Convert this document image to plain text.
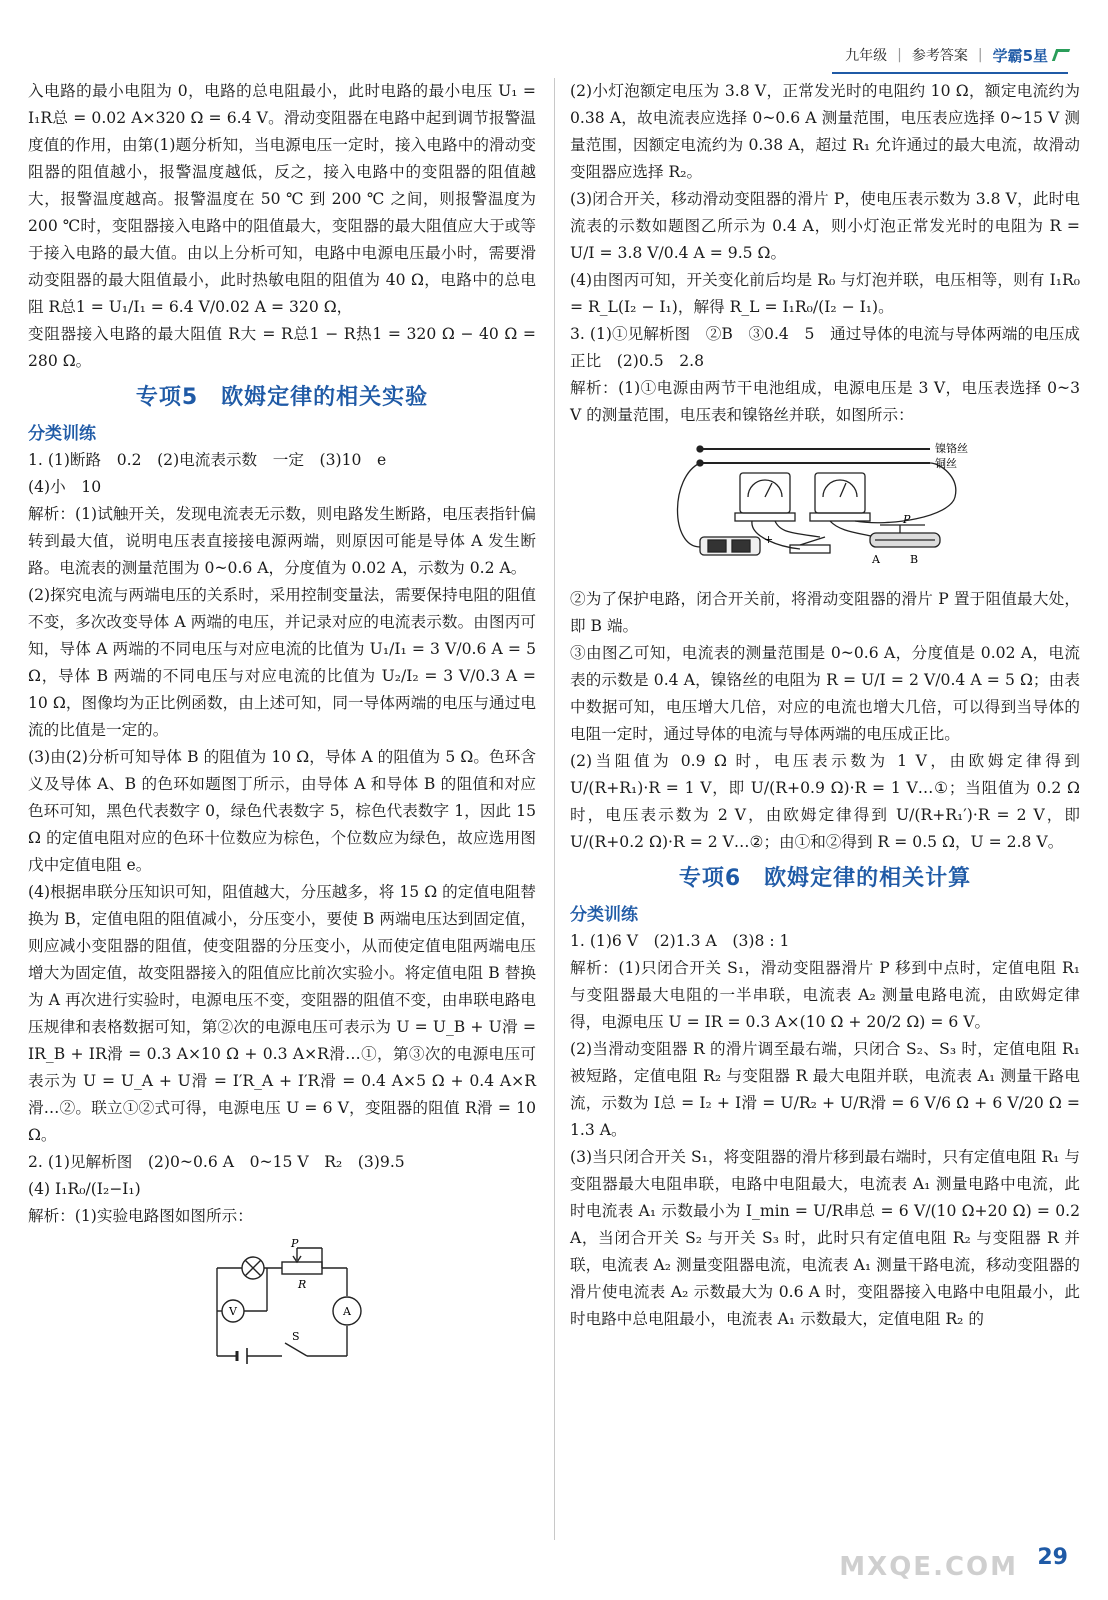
九年级 | 参考答案 | 学霸5星

入电路的最小电阻为 0，电路的总电阻最小，此时电路的最小电压 U₁ = I₁R总 = 0.02 A×320 Ω = 6.4 V。滑动变阻器在电路中起到调节报警温度值的作用，由第(1)题分析知，当电源电压一定时，接入电路中的滑动变阻器的阻值越小，报警温度越低，反之，接入电路中的变阻器的阻值越大，报警温度越高。报警温度在 50 ℃ 到 200 ℃ 之间，则报警温度为 200 ℃时，变阻器接入电路中的阻值最大，变阻器的最大阻值应大于或等于接入电路的最大值。由以上分析可知，电路中电源电压最小时，需要滑动变阻器的最大阻值最小，此时热敏电阻的阻值为 40 Ω，电路中的总电阻 R总1 = U₁/I₁ = 6.4 V/0.02 A = 320 Ω，

变阻器接入电路的最大阻值 R大 = R总1 − R热1 = 320 Ω − 40 Ω = 280 Ω。

专项5　欧姆定律的相关实验
分类训练

1. (1)断路　0.2　(2)电流表示数　一定　(3)10　e

(4)小　10

解析：(1)试触开关，发现电流表无示数，则电路发生断路，电压表指针偏转到最大值，说明电压表直接接电源两端，则原因可能是导体 A 发生断路。电流表的测量范围为 0~0.6 A，分度值为 0.02 A，示数为 0.2 A。

(2)探究电流与两端电压的关系时，采用控制变量法，需要保持电阻的阻值不变，多次改变导体 A 两端的电压，并记录对应的电流表示数。由图丙可知，导体 A 两端的不同电压与对应电流的比值为 U₁/I₁ = 3 V/0.6 A = 5 Ω，导体 B 两端的不同电压与对应电流的比值为 U₂/I₂ = 3 V/0.3 A = 10 Ω，图像均为正比例函数，由上述可知，同一导体两端的电压与通过电流的比值是一定的。

(3)由(2)分析可知导体 B 的阻值为 10 Ω，导体 A 的阻值为 5 Ω。色环含义及导体 A、B 的色环如题图丁所示，由导体 A 和导体 B 的阻值和对应色环可知，黑色代表数字 0，绿色代表数字 5，棕色代表数字 1，因此 15 Ω 的定值电阻对应的色环十位数应为棕色，个位数应为绿色，故应选用图戊中定值电阻 e。

(4)根据串联分压知识可知，阻值越大，分压越多，将 15 Ω 的定值电阻替换为 B，定值电阻的阻值减小，分压变小，要使 B 两端电压达到固定值，则应减小变阻器的阻值，使变阻器的分压变小，从而使定值电阻两端电压增大为固定值，故变阻器接入的阻值应比前次实验小。将定值电阻 B 替换为 A 再次进行实验时，电源电压不变，变阻器的阻值不变，由串联电路电压规律和表格数据可知，第②次的电源电压可表示为 U = U_B + U滑 = IR_B + IR滑 = 0.3 A×10 Ω + 0.3 A×R滑…①，第③次的电源电压可表示为 U = U_A + U滑 = I′R_A + I′R滑 = 0.4 A×5 Ω + 0.4 A×R滑…②。联立①②式可得，电源电压 U = 6 V，变阻器的阻值 R滑 = 10 Ω。

2. (1)见解析图　(2)0~0.6 A　0~15 V　R₂　(3)9.5

(4) I₁R₀/(I₂−I₁)

解析：(1)实验电路图如图所示：

P
R
V	A
S

(2)小灯泡额定电压为 3.8 V，正常发光时的电阻约 10 Ω，额定电流约为 0.38 A，故电流表应选择 0~0.6 A 测量范围，电压表应选择 0~15 V 测量范围，因额定电流约为 0.38 A，超过 R₁ 允许通过的最大电流，故滑动变阻器应选择 R₂。

(3)闭合开关，移动滑动变阻器的滑片 P，使电压表示数为 3.8 V，此时电流表的示数如题图乙所示为 0.4 A，则小灯泡正常发光时的电阻为 R = U/I = 3.8 V/0.4 A = 9.5 Ω。

(4)由图丙可知，开关变化前后均是 R₀ 与灯泡并联，电压相等，则有 I₁R₀ = R_L(I₂ − I₁)，解得 R_L = I₁R₀/(I₂ − I₁)。

3. (1)①见解析图　②B　③0.4　5　通过导体的电流与导体两端的电压成正比　(2)0.5　2.8

解析：(1)①电源由两节干电池组成，电源电压是 3 V，电压表选择 0~3 V 的测量范围，电压表和镍铬丝并联，如图所示：

镍铬丝
铜丝
P
A	B
+

②为了保护电路，闭合开关前，将滑动变阻器的滑片 P 置于阻值最大处，即 B 端。

③由图乙可知，电流表的测量范围是 0~0.6 A，分度值是 0.02 A，电流表的示数是 0.4 A，镍铬丝的电阻为 R = U/I = 2 V/0.4 A = 5 Ω；由表中数据可知，电压增大几倍，对应的电流也增大几倍，可以得到当导体的电阻一定时，通过导体的电流与导体两端的电压成正比。

(2)当阻值为 0.9 Ω 时，电压表示数为 1 V，由欧姆定律得到 U/(R+R₁)·R = 1 V，即 U/(R+0.9 Ω)·R = 1 V…①；当阻值为 0.2 Ω 时，电压表示数为 2 V，由欧姆定律得到 U/(R+R₁′)·R = 2 V，即 U/(R+0.2 Ω)·R = 2 V…②；由①和②得到 R = 0.5 Ω，U = 2.8 V。

专项6　欧姆定律的相关计算
分类训练

1. (1)6 V　(2)1.3 A　(3)8 : 1

解析：(1)只闭合开关 S₁，滑动变阻器滑片 P 移到中点时，定值电阻 R₁ 与变阻器最大电阻的一半串联，电流表 A₂ 测量电路电流，由欧姆定律得，电源电压 U = IR = 0.3 A×(10 Ω + 20/2 Ω) = 6 V。

(2)当滑动变阻器 R 的滑片调至最右端，只闭合 S₂、S₃ 时，定值电阻 R₁ 被短路，定值电阻 R₂ 与变阻器 R 最大电阻并联，电流表 A₁ 测量干路电流，示数为 I总 = I₂ + I滑 = U/R₂ + U/R滑 = 6 V/6 Ω + 6 V/20 Ω = 1.3 A。

(3)当只闭合开关 S₁，将变阻器的滑片移到最右端时，只有定值电阻 R₁ 与变阻器最大电阻串联，电路中电阻最大，电流表 A₁ 测量电路中电流，此时电流表 A₁ 示数最小为 I_min = U/R串总 = 6 V/(10 Ω+20 Ω) = 0.2 A，当闭合开关 S₂ 与开关 S₃ 时，此时只有定值电阻 R₂ 与变阻器 R 并联，电流表 A₂ 测量变阻器电流，电流表 A₁ 测量干路电流，移动变阻器的滑片使电流表 A₂ 示数最大为 0.6 A 时，变阻器接入电路中电阻最小，此时电路中总电阻最小，电流表 A₁ 示数最大，定值电阻 R₂ 的

MXQE.COM 29
